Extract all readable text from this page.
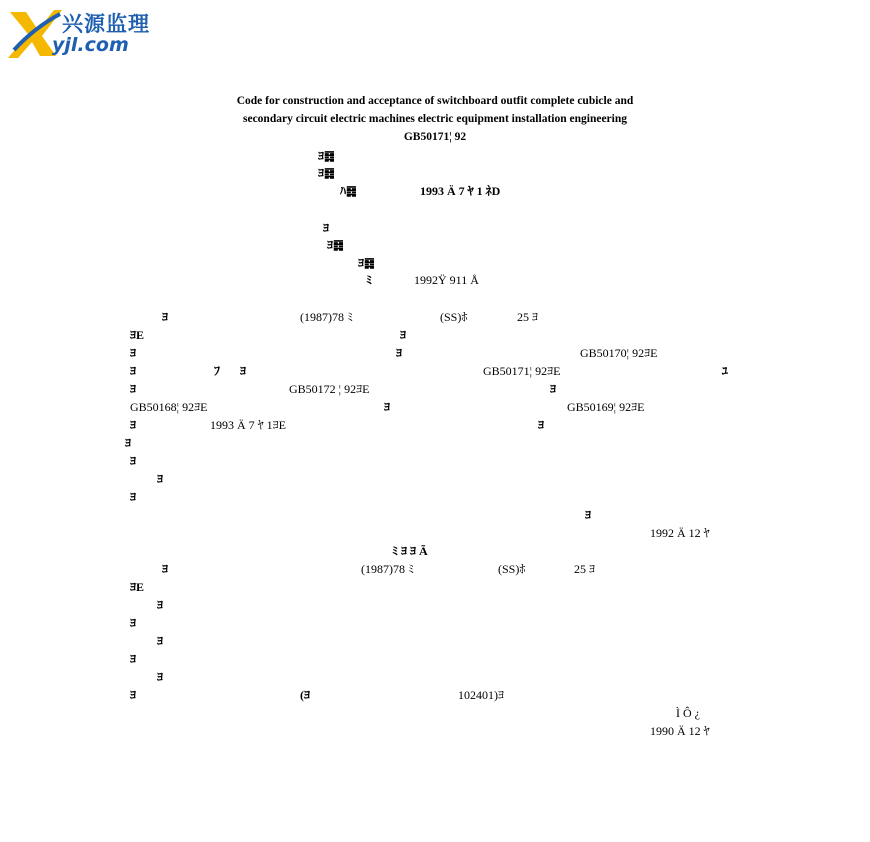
兴源监理
yjl.com
Code for construction and acceptance of switchboard outfit complete cubicle and
secondary circuit electric machines electric equipment installation engineering
GB50171¦ 92
ﾖ䷿
ﾖ䷿
ﾊ䷿	1993 Ä 7 ﾔ 1 ﾈD
ﾖ
ﾖ䷿
ﾖ䷿
ﾐ	1992Ÿ 911 Å
ﾖ	(1987)78 ﾐ	(SS)ﾎ	25 ﾖ
ﾖE	ﾖ
ﾖ	ﾖ	GB50170¦ 92ﾖE
ﾖ	ﾌ ﾖ	GB50171¦ 92ﾖE	ﾕ
ﾖ	GB50172 ¦ 92ﾖE	ﾖ
GB50168¦ 92ﾖE	ﾖ	GB50169¦ 92ﾖE
ﾖ	1993 Ä 7 ﾔ 1ﾖE	ﾖ
ﾖ
ﾖ
ﾖ
ﾖ
ﾖ
1992 Ä 12 ﾔ
ﾐ ﾖ ﾖ Ã
ﾖ	(1987)78 ﾐ	(SS)ﾎ	25 ﾖ
ﾖE
ﾖ
ﾖ
ﾖ
ﾖ
ﾖ
ﾖ	(ﾖ	102401)ﾖ
Ì Ô ¿
1990 Ä 12 ﾔ
